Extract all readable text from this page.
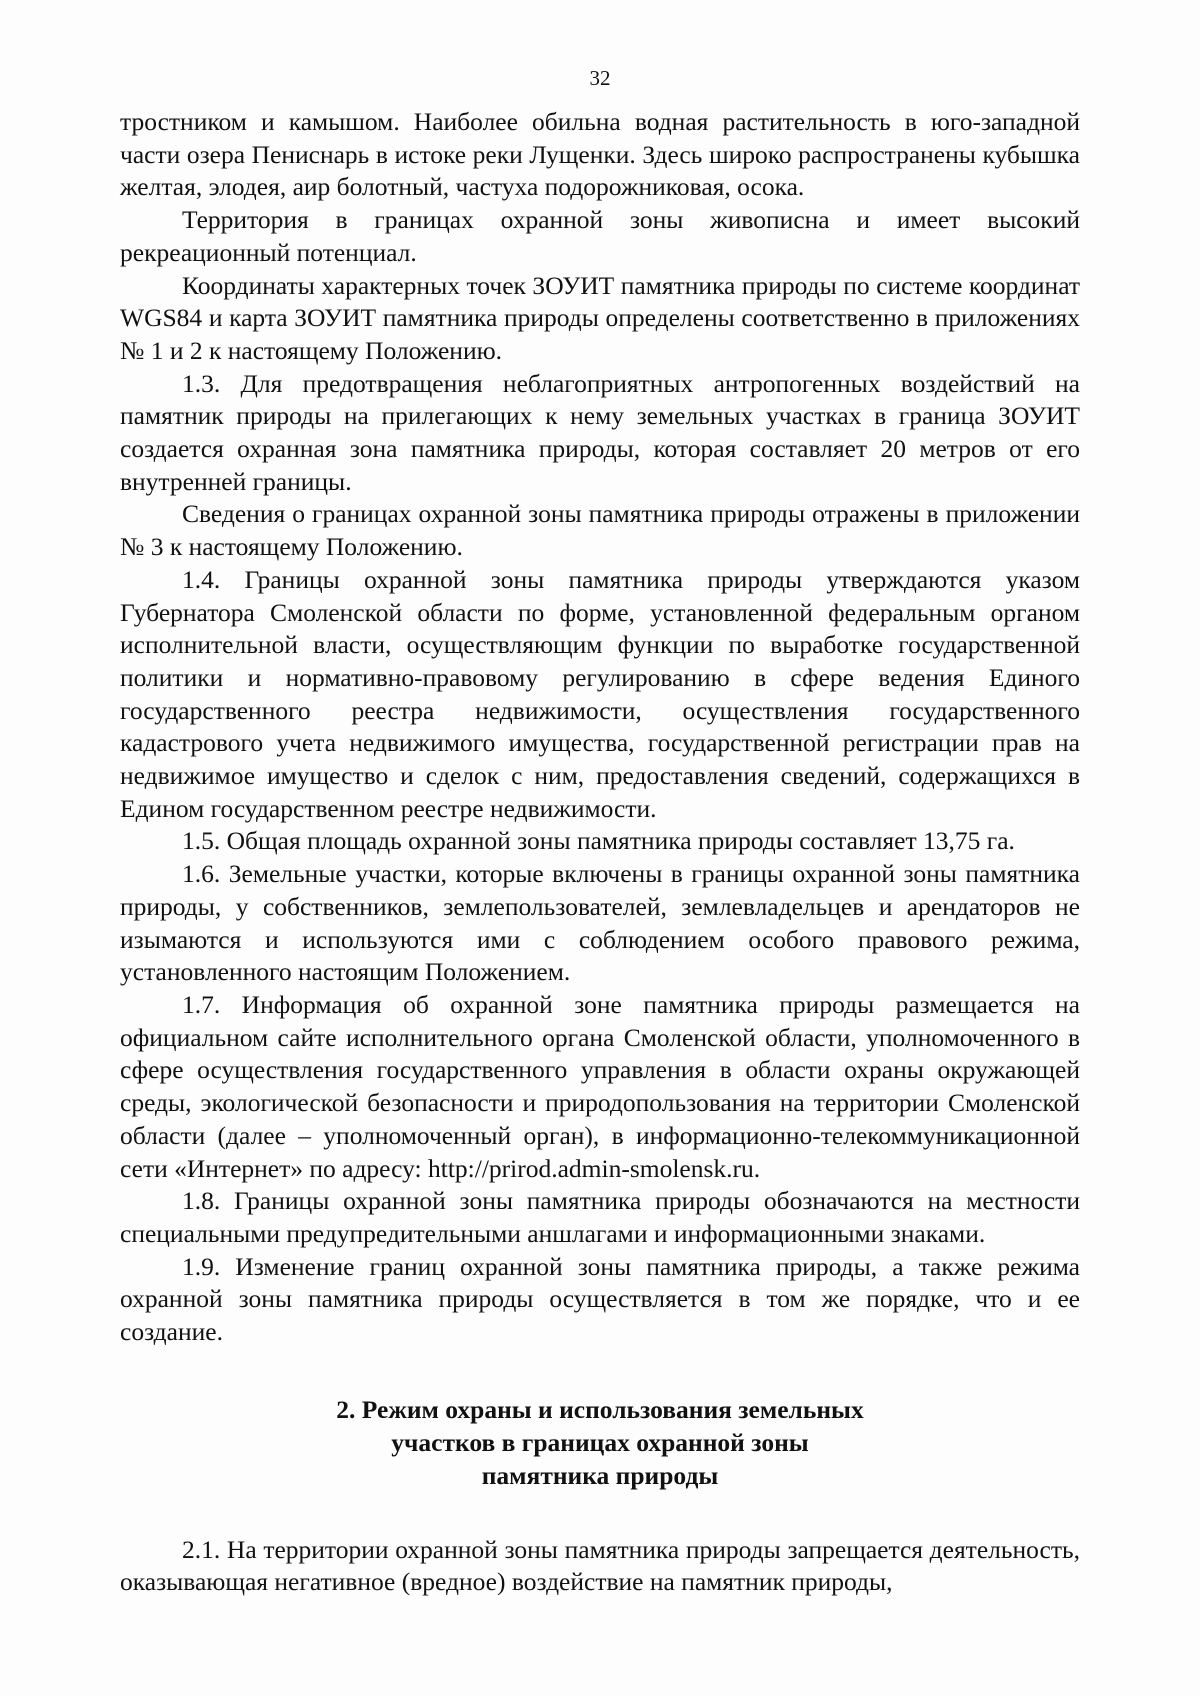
32

тростником и камышом. Наиболее обильна водная растительность в юго-западной части озера Пениснарь в истоке реки Лущенки. Здесь широко распространены кубышка желтая, элодея, аир болотный, частуха подорожниковая, осока.

Территория в границах охранной зоны живописна и имеет высокий рекреационный потенциал.

Координаты характерных точек ЗОУИТ памятника природы по системе координат WGS84 и карта ЗОУИТ памятника природы определены соответственно в приложениях № 1 и 2 к настоящему Положению.

1.3. Для предотвращения неблагоприятных антропогенных воздействий на памятник природы на прилегающих к нему земельных участках в граница ЗОУИТ создается охранная зона памятника природы, которая составляет 20 метров от его внутренней границы.

Сведения о границах охранной зоны памятника природы отражены в приложении № 3 к настоящему Положению.

1.4. Границы охранной зоны памятника природы утверждаются указом Губернатора Смоленской области по форме, установленной федеральным органом исполнительной власти, осуществляющим функции по выработке государственной политики и нормативно-правовому регулированию в сфере ведения Единого государственного реестра недвижимости, осуществления государственного кадастрового учета недвижимого имущества, государственной регистрации прав на недвижимое имущество и сделок с ним, предоставления сведений, содержащихся в Едином государственном реестре недвижимости.

1.5. Общая площадь охранной зоны памятника природы составляет 13,75 га.

1.6. Земельные участки, которые включены в границы охранной зоны памятника природы, у собственников, землепользователей, землевладельцев и арендаторов не изымаются и используются ими с соблюдением особого правового режима, установленного настоящим Положением.

1.7. Информация об охранной зоне памятника природы размещается на официальном сайте исполнительного органа Смоленской области, уполномоченного в сфере осуществления государственного управления в области охраны окружающей среды, экологической безопасности и природопользования на территории Смоленской области (далее – уполномоченный орган), в информационно-телекоммуникационной сети «Интернет» по адресу: http://prirod.admin-smolensk.ru.

1.8. Границы охранной зоны памятника природы обозначаются на местности специальными предупредительными аншлагами и информационными знаками.

1.9. Изменение границ охранной зоны памятника природы, а также режима охранной зоны памятника природы осуществляется в том же порядке, что и ее создание.

2. Режим охраны и использования земельных
участков в границах охранной зоны
памятника природы

2.1. На территории охранной зоны памятника природы запрещается деятельность, оказывающая негативное (вредное) воздействие на памятник природы,
